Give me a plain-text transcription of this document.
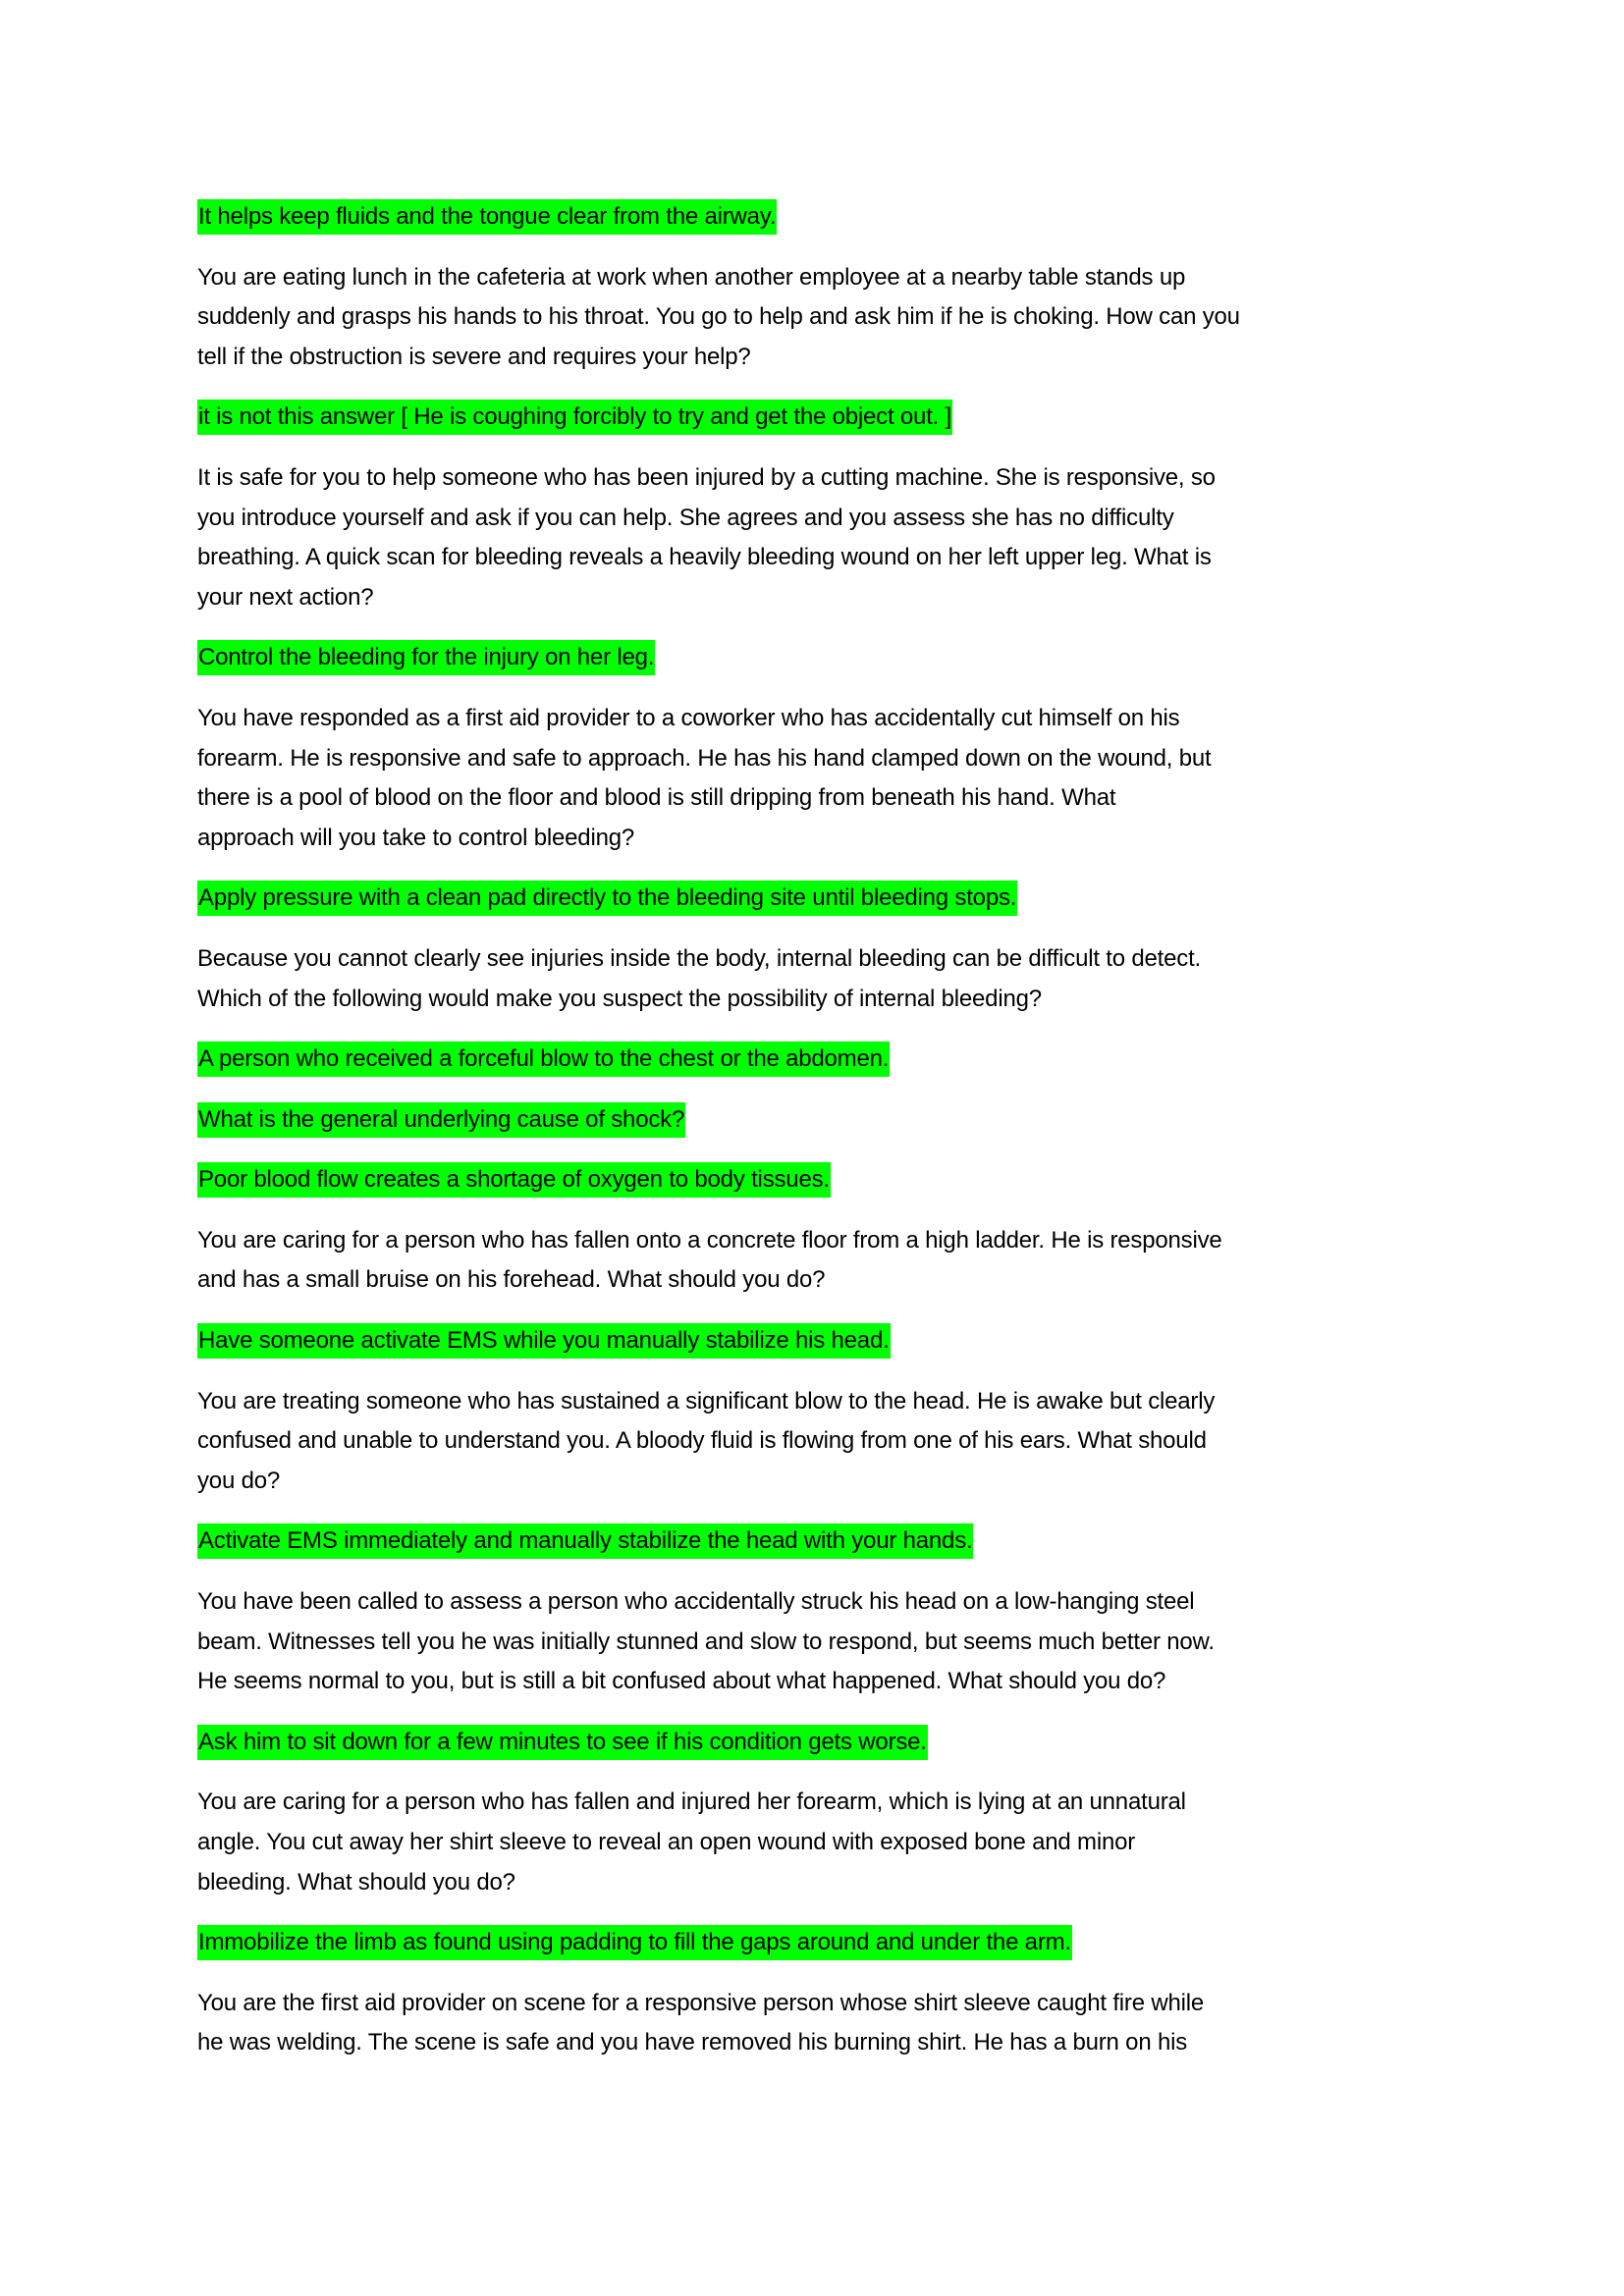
It helps keep fluids and the tongue clear from the airway.

You are eating lunch in the cafeteria at work when another employee at a nearby table stands up
suddenly and grasps his hands to his throat. You go to help and ask him if he is choking. How can you
tell if the obstruction is severe and requires your help?

it is not this answer [ He is coughing forcibly to try and get the object out. ]

It is safe for you to help someone who has been injured by a cutting machine. She is responsive, so
you introduce yourself and ask if you can help. She agrees and you assess she has no difficulty
breathing. A quick scan for bleeding reveals a heavily bleeding wound on her left upper leg. What is
your next action?

Control the bleeding for the injury on her leg.

You have responded as a first aid provider to a coworker who has accidentally cut himself on his
forearm. He is responsive and safe to approach. He has his hand clamped down on the wound, but
there is a pool of blood on the floor and blood is still dripping from beneath his hand. What
approach will you take to control bleeding?

Apply pressure with a clean pad directly to the bleeding site until bleeding stops.

Because you cannot clearly see injuries inside the body, internal bleeding can be difficult to detect.
Which of the following would make you suspect the possibility of internal bleeding?

A person who received a forceful blow to the chest or the abdomen.

What is the general underlying cause of shock?

Poor blood flow creates a shortage of oxygen to body tissues.

You are caring for a person who has fallen onto a concrete floor from a high ladder. He is responsive
and has a small bruise on his forehead. What should you do?

Have someone activate EMS while you manually stabilize his head.

You are treating someone who has sustained a significant blow to the head. He is awake but clearly
confused and unable to understand you. A bloody fluid is flowing from one of his ears. What should
you do?

Activate EMS immediately and manually stabilize the head with your hands.

You have been called to assess a person who accidentally struck his head on a low-hanging steel
beam. Witnesses tell you he was initially stunned and slow to respond, but seems much better now.
He seems normal to you, but is still a bit confused about what happened. What should you do?

Ask him to sit down for a few minutes to see if his condition gets worse.

You are caring for a person who has fallen and injured her forearm, which is lying at an unnatural
angle. You cut away her shirt sleeve to reveal an open wound with exposed bone and minor
bleeding. What should you do?

Immobilize the limb as found using padding to fill the gaps around and under the arm.

You are the first aid provider on scene for a responsive person whose shirt sleeve caught fire while
he was welding. The scene is safe and you have removed his burning shirt. He has a burn on his
